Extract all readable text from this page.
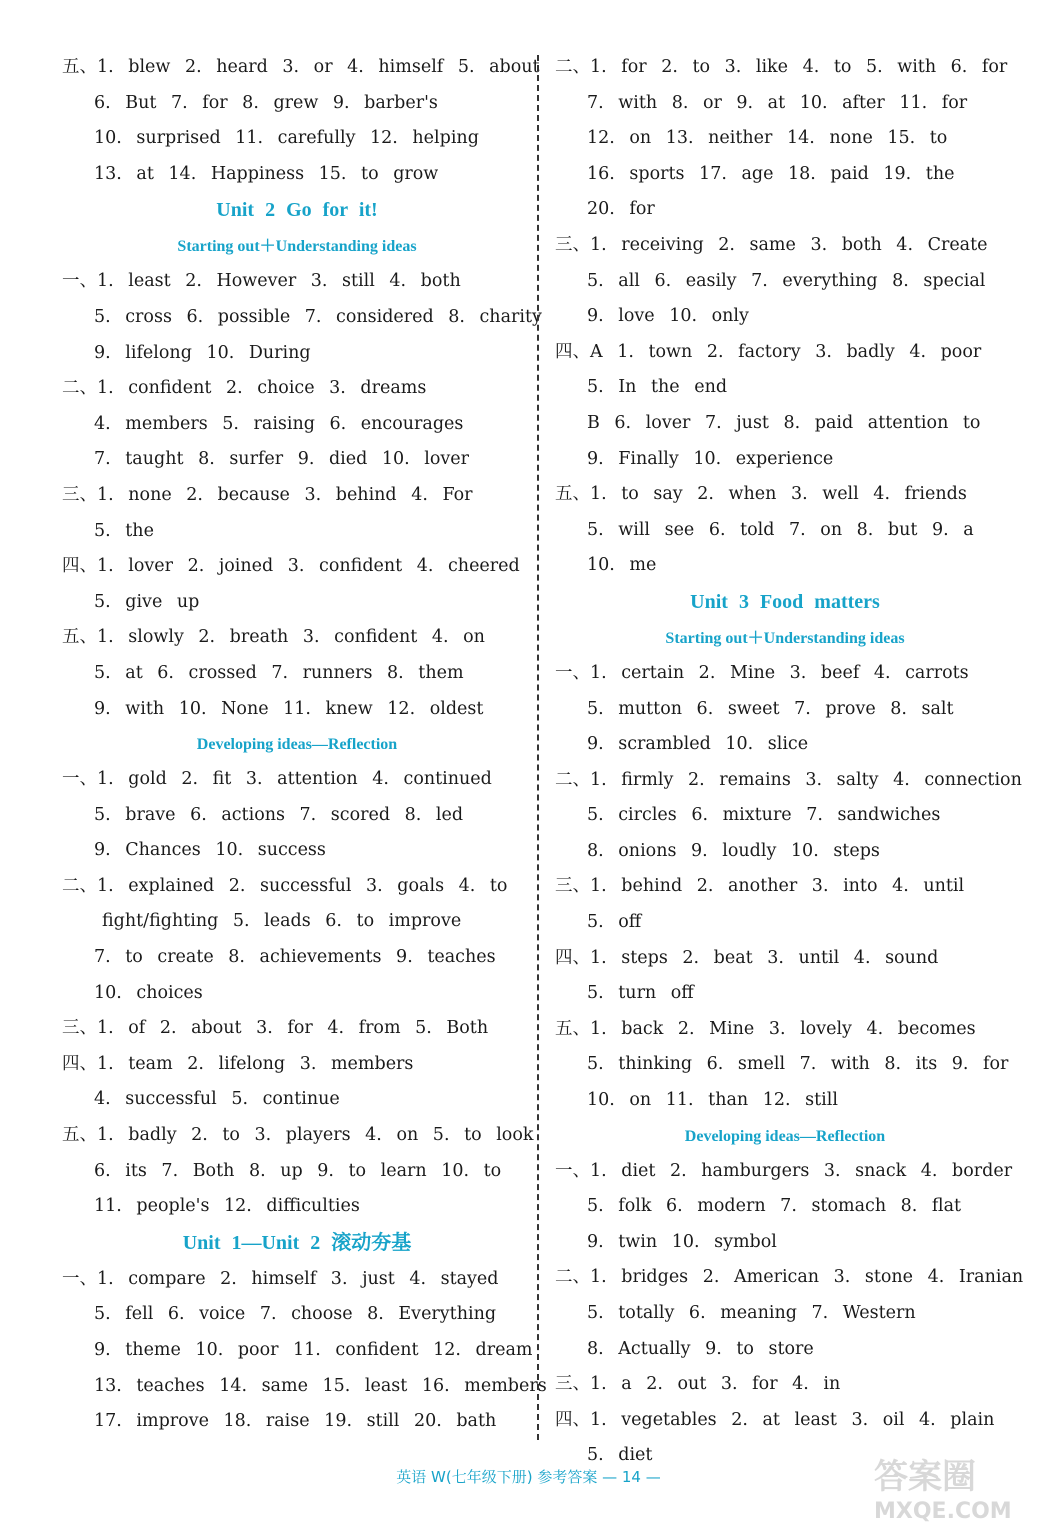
五、1. blew 2. heard 3. or 4. himself 5. about
6. But 7. for 8. grew 9. barber's
10. surprised 11. carefully 12. helping
13. at 14. Happiness 15. to grow
Unit 2 Go for it!
Starting out＋Understanding ideas
一、1. least 2. However 3. still 4. both
5. cross 6. possible 7. considered 8. charity
9. lifelong 10. During
二、1. confident 2. choice 3. dreams
4. members 5. raising 6. encourages
7. taught 8. surfer 9. died 10. lover
三、1. none 2. because 3. behind 4. For
5. the
四、1. lover 2. joined 3. confident 4. cheered
5. give up
五、1. slowly 2. breath 3. confident 4. on
5. at 6. crossed 7. runners 8. them
9. with 10. None 11. knew 12. oldest
Developing ideas—Reflection
一、1. gold 2. fit 3. attention 4. continued
5. brave 6. actions 7. scored 8. led
9. Chances 10. success
二、1. explained 2. successful 3. goals 4. to
fight/fighting 5. leads 6. to improve
7. to create 8. achievements 9. teaches
10. choices
三、1. of 2. about 3. for 4. from 5. Both
四、1. team 2. lifelong 3. members
4. successful 5. continue
五、1. badly 2. to 3. players 4. on 5. to look
6. its 7. Both 8. up 9. to learn 10. to
11. people's 12. difficulties
Unit 1—Unit 2 滚动夯基
一、1. compare 2. himself 3. just 4. stayed
5. fell 6. voice 7. choose 8. Everything
9. theme 10. poor 11. confident 12. dream
13. teaches 14. same 15. least 16. members
17. improve 18. raise 19. still 20. bath
二、1. for 2. to 3. like 4. to 5. with 6. for
7. with 8. or 9. at 10. after 11. for
12. on 13. neither 14. none 15. to
16. sports 17. age 18. paid 19. the
20. for
三、1. receiving 2. same 3. both 4. Create
5. all 6. easily 7. everything 8. special
9. love 10. only
四、A 1. town 2. factory 3. badly 4. poor
5. In the end
B 6. lover 7. just 8. paid attention to
9. Finally 10. experience
五、1. to say 2. when 3. well 4. friends
5. will see 6. told 7. on 8. but 9. a
10. me
Unit 3 Food matters
Starting out＋Understanding ideas
一、1. certain 2. Mine 3. beef 4. carrots
5. mutton 6. sweet 7. prove 8. salt
9. scrambled 10. slice
二、1. firmly 2. remains 3. salty 4. connection
5. circles 6. mixture 7. sandwiches
8. onions 9. loudly 10. steps
三、1. behind 2. another 3. into 4. until
5. off
四、1. steps 2. beat 3. until 4. sound
5. turn off
五、1. back 2. Mine 3. lovely 4. becomes
5. thinking 6. smell 7. with 8. its 9. for
10. on 11. than 12. still
Developing ideas—Reflection
一、1. diet 2. hamburgers 3. snack 4. border
5. folk 6. modern 7. stomach 8. flat
9. twin 10. symbol
二、1. bridges 2. American 3. stone 4. Iranian
5. totally 6. meaning 7. Western
8. Actually 9. to store
三、1. a 2. out 3. for 4. in
四、1. vegetables 2. at least 3. oil 4. plain
5. diet
英语 W(七年级下册) 参考答案 — 14 —	答案圈
MXQE.COM
